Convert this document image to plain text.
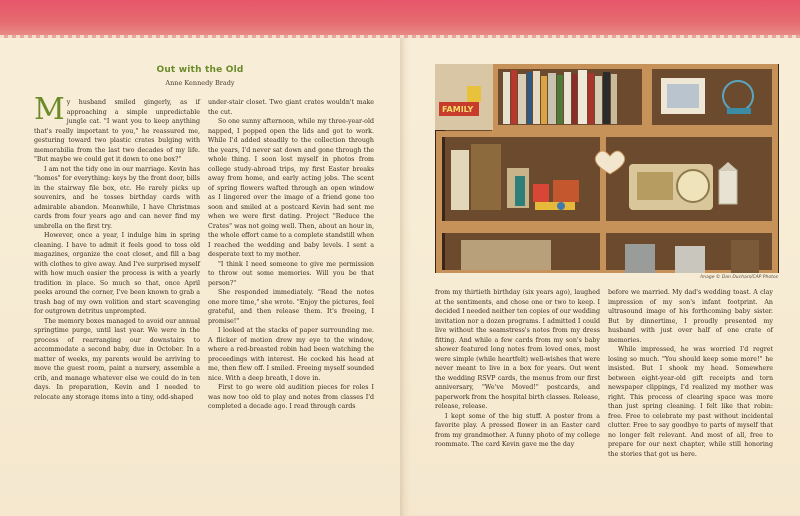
Out with the Old
Anne Kennedy Brady

My husband smiled gingerly, as if approaching a simple unpredictable jungle cat. "I want you to keep anything that's really important to you," he reassured me, gesturing toward two plastic crates bulging with memorabilia from the last two decades of my life. "But maybe we could get it down to one box?"

I am not the tidy one in our marriage. Kevin has "homes" for everything: keys by the front door, bills in the stairway file box, etc. He rarely picks up souvenirs, and he tosses birthday cards with admirable abandon. Meanwhile, I have Christmas cards from four years ago and can never find my umbrella on the first try.

However, once a year, I indulge him in spring cleaning. I have to admit it feels good to toss old magazines, organize the coat closet, and fill a bag with clothes to give away. And I've surprised myself with how much easier the process is with a yearly tradition in place. So much so that, once April peeks around the corner, I've been known to grab a trash bag of my own volition and start scavenging for outgrown detritus unprompted.

The memory boxes managed to avoid our annual springtime purge, until last year. We were in the process of rearranging our downstairs to accommodate a second baby, due in October. In a matter of weeks, my parents would be arriving to move the guest room, paint a nursery, assemble a crib, and manage whatever else we could do in ten days. In preparation, Kevin and I needed to relocate any storage items into a tiny, odd-shaped

under-stair closet. Two giant crates wouldn't make the cut.

So one sunny afternoon, while my three-year-old napped, I popped open the lids and got to work. While I'd added steadily to the collection through the years, I'd never sat down and gone through the whole thing. I soon lost myself in photos from college study-abroad trips, my first Easter breaks away from home, and early acting jobs. The scent of spring flowers wafted through an open window as I lingered over the image of a friend gone too soon and smiled at a postcard Kevin had sent me when we were first dating. Project "Reduce the Crates" was not going well. Then, about an hour in, the whole effort came to a complete standstill when I reached the wedding and baby levels. I sent a desperate text to my mother.

"I think I need someone to give me permission to throw out some memories. Will you be that person?"

She responded immediately. "Read the notes one more time," she wrote. "Enjoy the pictures, feel grateful, and then release them. It's freeing, I promise!"

I looked at the stacks of paper surrounding me. A flicker of motion drew my eye to the window, where a red-breasted robin had been watching the proceedings with interest. He cocked his head at me, then flew off. I smiled. Freeing myself sounded nice. With a deep breath, I dove in.

First to go were old audition pieces for roles I was now too old to play and notes from classes I'd completed a decade ago. I read through cards

FAMILY
Image © Dan Duchars/CAP Photos

from my thirtieth birthday (six years ago), laughed at the sentiments, and chose one or two to keep. I decided I needed neither ten copies of our wedding invitation nor a dozen programs. I admitted I could live without the seamstress's notes from my dress fitting. And while a few cards from my son's baby shower featured long notes from loved ones, most were simple (while heartfelt) well-wishes that were never meant to live in a box for years. Out went the wedding RSVP cards, the menus from our first anniversary, "We've Moved!" postcards, and paperwork from the hospital birth classes. Release, release, release.

I kept some of the big stuff. A poster from a favorite play. A pressed flower in an Easter card from my grandmother. A funny photo of my college roommate. The card Kevin gave me the day

before we married. My dad's wedding toast. A clay impression of my son's infant footprint. An ultrasound image of his forthcoming baby sister. But by dinnertime, I proudly presented my husband with just over half of one crate of memories.

While impressed, he was worried I'd regret losing so much. "You should keep some more!" he insisted. But I shook my head. Somewhere between eight-year-old gift receipts and torn newspaper clippings, I'd realized my mother was right. This process of clearing space was more than just spring cleaning. I felt like that robin: free. Free to celebrate my past without incidental clutter. Free to say goodbye to parts of myself that no longer felt relevant. And most of all, free to prepare for our next chapter, while still honoring the stories that got us here.
